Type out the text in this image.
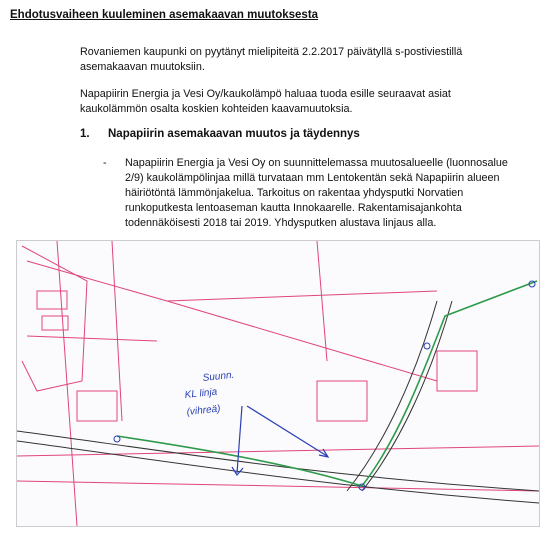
Ehdotusvaiheen kuuleminen asemakaavan muutoksesta
Rovaniemen kaupunki on pyytänyt mielipiteitä 2.2.2017 päivätyllä s-postiviestillä asemakaavan muutoksiin.
Napapiirin Energia ja Vesi Oy/kaukolämpö haluaa tuoda esille seuraavat asiat kaukolämmön osalta koskien kohteiden kaavamuutoksia.
1. Napapiirin asemakaavan muutos ja täydennys
- Napapiirin Energia ja Vesi Oy on suunnittelemassa muutosalueelle (luonnosalue 2/9) kaukolämpölinjaa millä turvataan mm Lentokentän sekä Napapiirin alueen häiriötöntä lämmönjakelua. Tarkoitus on rakentaa yhdysputki Norvatien runkoputkesta lentoaseman kautta Innokaarelle. Rakentamisajankohta todennäköisesti 2018 tai 2019. Yhdysputken alustava linjaus alla.
Suunn.
KL linja
(vihreä)
